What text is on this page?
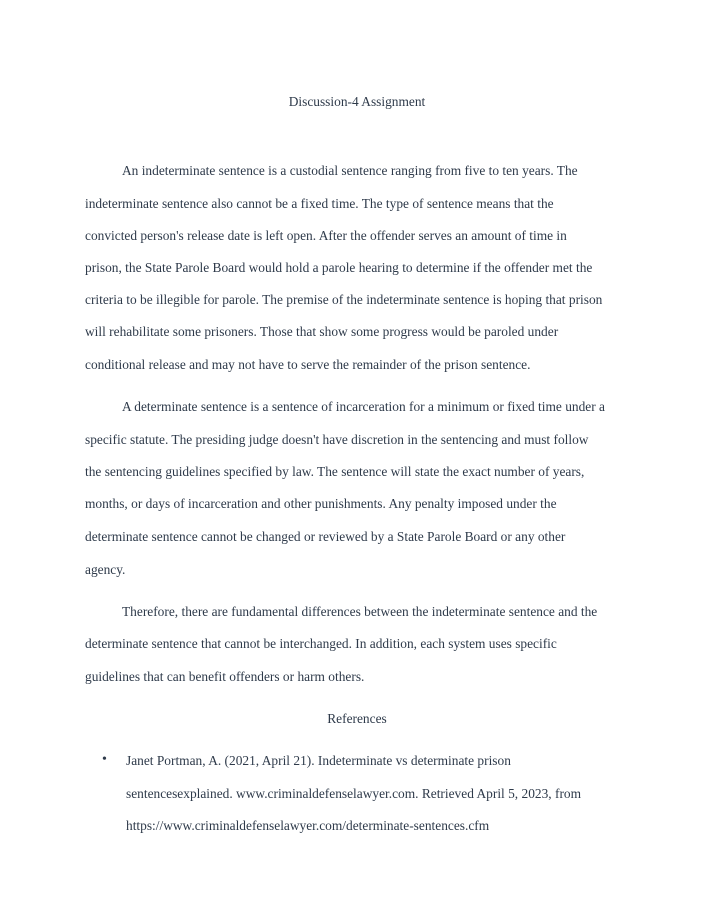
Discussion-4 Assignment
An indeterminate sentence is a custodial sentence ranging from five to ten years. The
indeterminate sentence also cannot be a fixed time. The type of sentence means that the
convicted person's release date is left open. After the offender serves an amount of time in
prison, the State Parole Board would hold a parole hearing to determine if the offender met the
criteria to be illegible for parole. The premise of the indeterminate sentence is hoping that prison
will rehabilitate some prisoners. Those that show some progress would be paroled under
conditional release and may not have to serve the remainder of the prison sentence.
A determinate sentence is a sentence of incarceration for a minimum or fixed time under a
specific statute. The presiding judge doesn't have discretion in the sentencing and must follow
the sentencing guidelines specified by law. The sentence will state the exact number of years,
months, or days of incarceration and other punishments. Any penalty imposed under the
determinate sentence cannot be changed or reviewed by a State Parole Board or any other
agency.
Therefore, there are fundamental differences between the indeterminate sentence and the
determinate sentence that cannot be interchanged. In addition, each system uses specific
guidelines that can benefit offenders or harm others.
References
• Janet Portman, A. (2021, April 21). Indeterminate vs determinate prison
sentencesexplained. www.criminaldefenselawyer.com. Retrieved April 5, 2023, from
https://www.criminaldefenselawyer.com/determinate-sentences.cfm
